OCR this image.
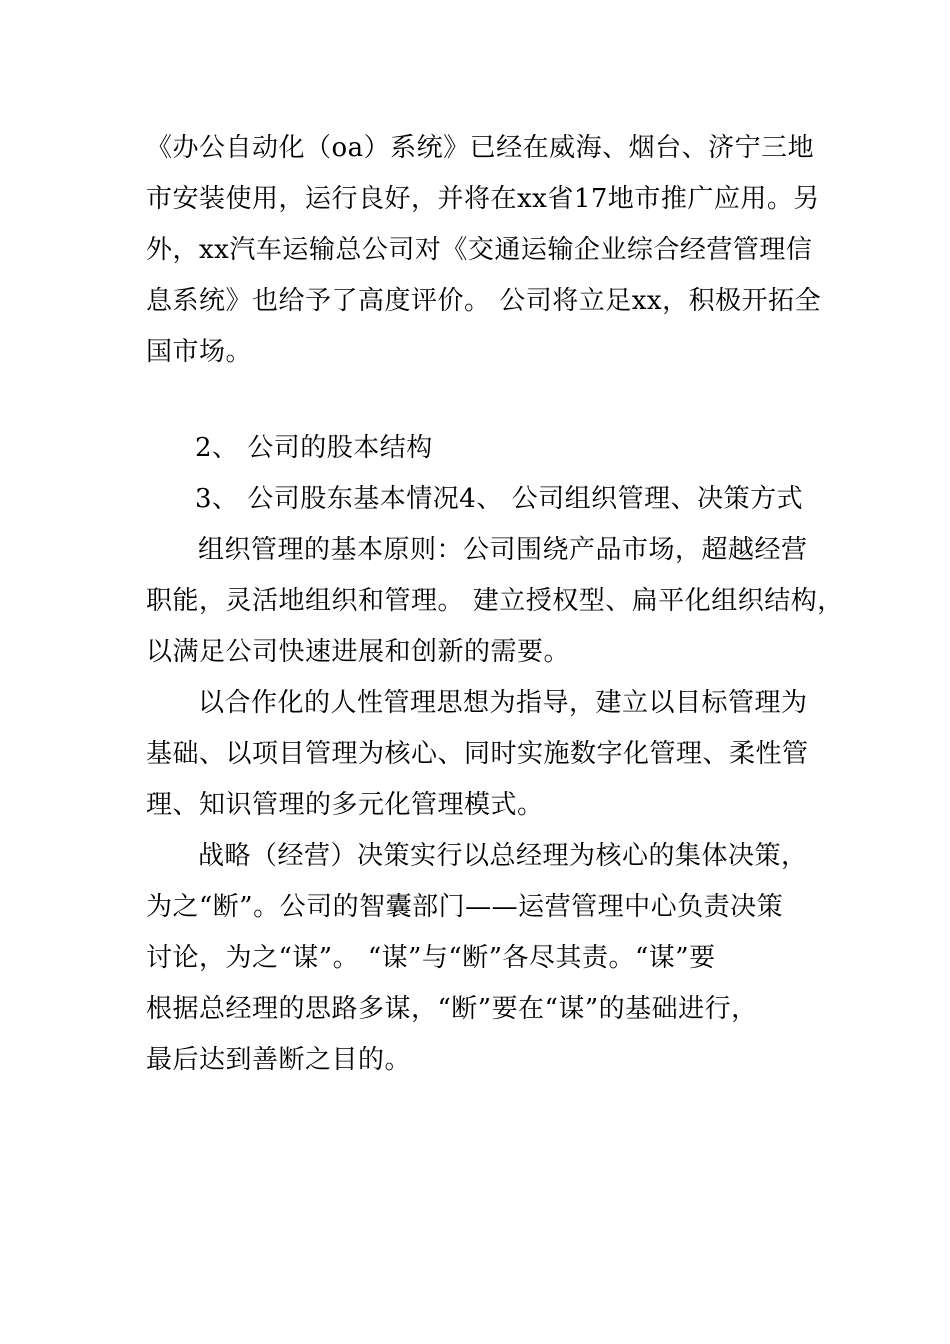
《办公自动化（oa）系统》已经在威海、烟台、济宁三地
市安装使用，运行良好，并将在xx省17地市推广应用。另
外，xx汽车运输总公司对《交通运输企业综合经营管理信
息系统》也给予了高度评价。 公司将立足xx，积极开拓全
国市场。
2、 公司的股本结构
3、 公司股东基本情况4、 公司组织管理、决策方式
组织管理的基本原则：公司围绕产品市场，超越经营
职能，灵活地组织和管理。 建立授权型、扁平化组织结构，
以满足公司快速进展和创新的需要。
以合作化的人性管理思想为指导，建立以目标管理为
基础、以项目管理为核心、同时实施数字化管理、柔性管
理、知识管理的多元化管理模式。
战略（经营）决策实行以总经理为核心的集体决策，
为之“断”。公司的智囊部门——运营管理中心负责决策
讨论，为之“谋”。 “谋”与“断”各尽其责。“谋”要
根据总经理的思路多谋，“断”要在“谋”的基础进行，
最后达到善断之目的。
